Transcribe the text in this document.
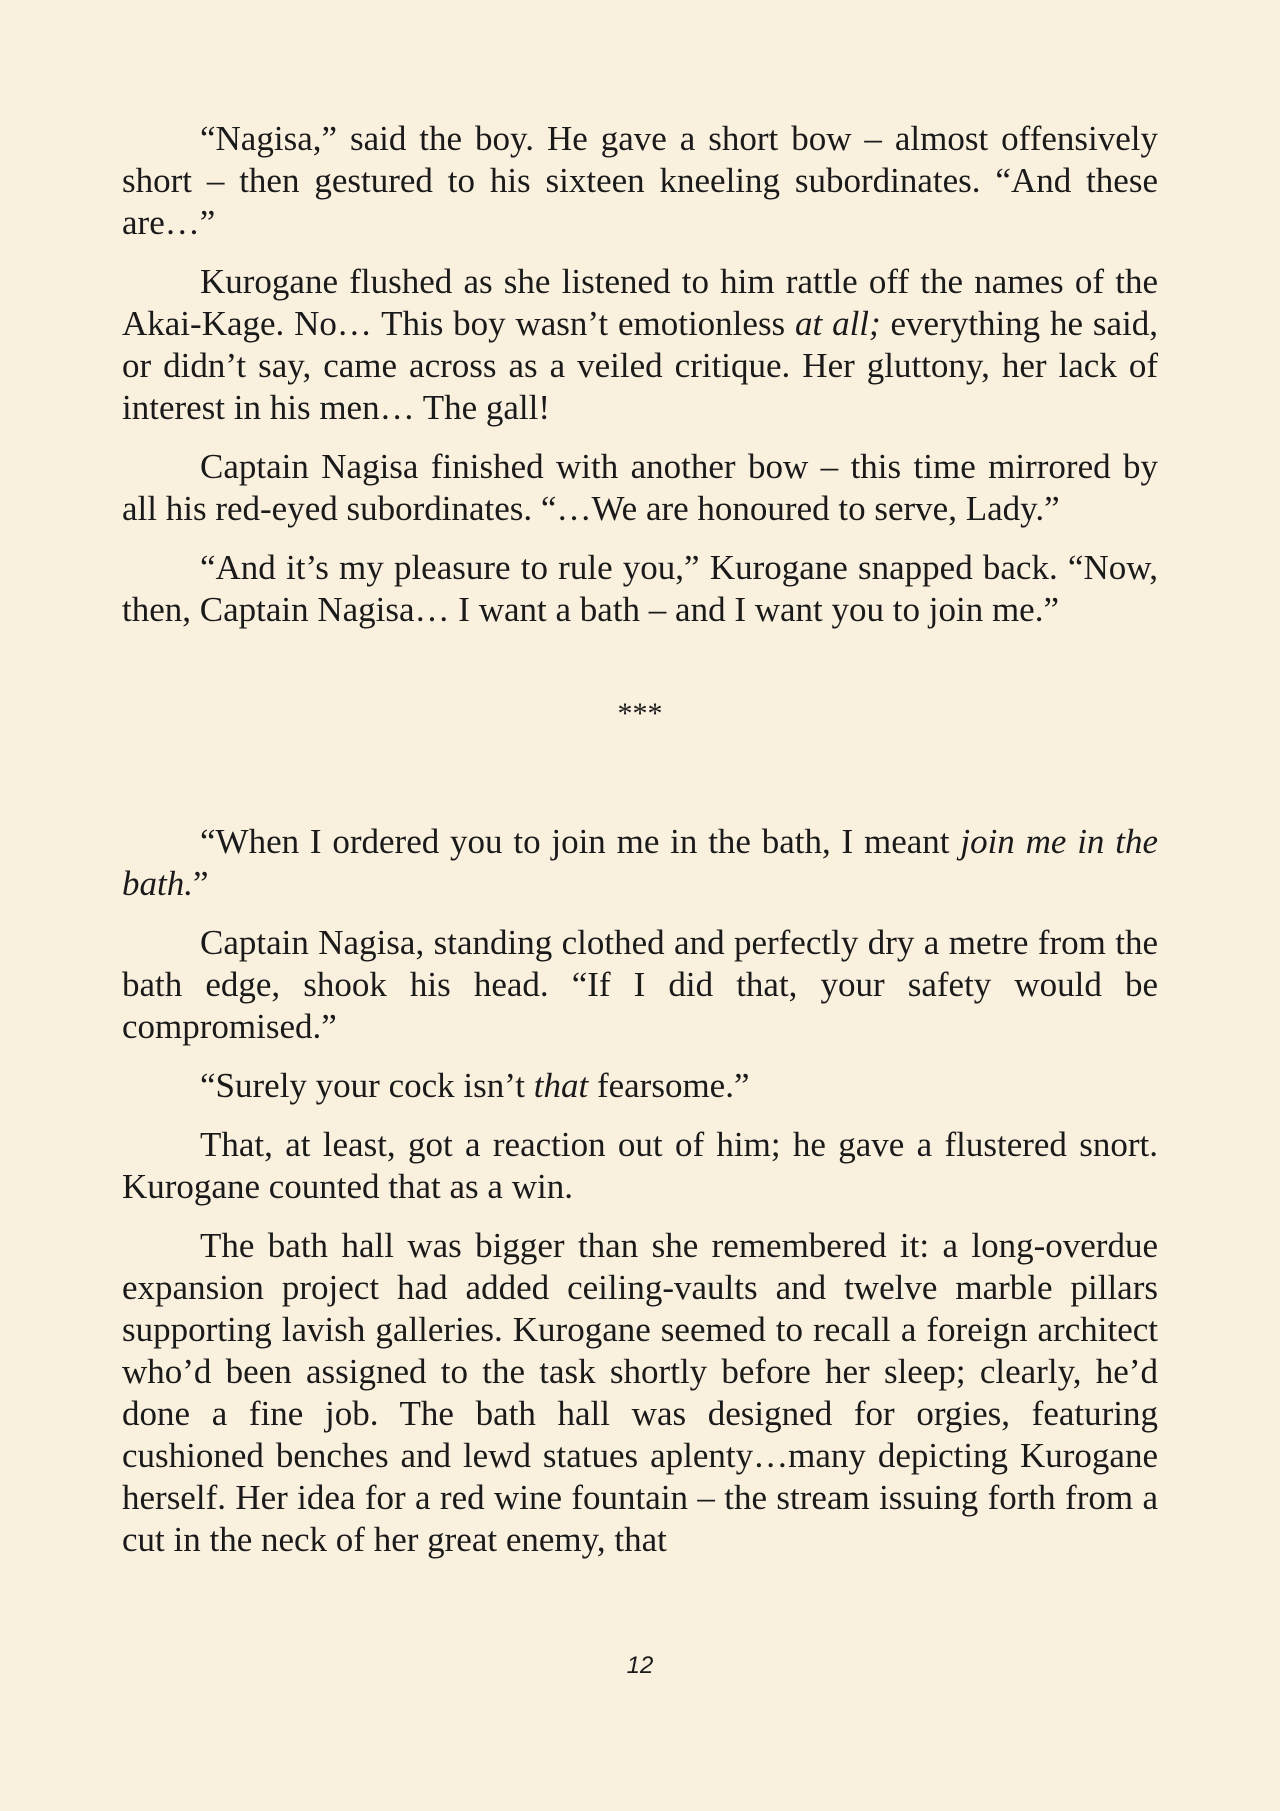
“Nagisa,” said the boy. He gave a short bow – almost offensively short – then gestured to his sixteen kneeling subordinates. “And these are…”

Kurogane flushed as she listened to him rattle off the names of the Akai-Kage. No… This boy wasn’t emotionless at all; everything he said, or didn’t say, came across as a veiled critique. Her gluttony, her lack of interest in his men… The gall!

Captain Nagisa finished with another bow – this time mirrored by all his red-eyed subordinates. “…We are honoured to serve, Lady.”

“And it’s my pleasure to rule you,” Kurogane snapped back. “Now, then, Captain Nagisa… I want a bath – and I want you to join me.”

***

“When I ordered you to join me in the bath, I meant join me in the bath.”

Captain Nagisa, standing clothed and perfectly dry a metre from the bath edge, shook his head. “If I did that, your safety would be compromised.”

“Surely your cock isn’t that fearsome.”

That, at least, got a reaction out of him; he gave a flustered snort. Kurogane counted that as a win.

The bath hall was bigger than she remembered it: a long-overdue expansion project had added ceiling-vaults and twelve marble pillars supporting lavish galleries. Kurogane seemed to recall a foreign architect who’d been assigned to the task shortly before her sleep; clearly, he’d done a fine job. The bath hall was designed for orgies, featuring cushioned benches and lewd statues aplenty…many depicting Kurogane herself. Her idea for a red wine fountain – the stream issuing forth from a cut in the neck of her great enemy, that

12
